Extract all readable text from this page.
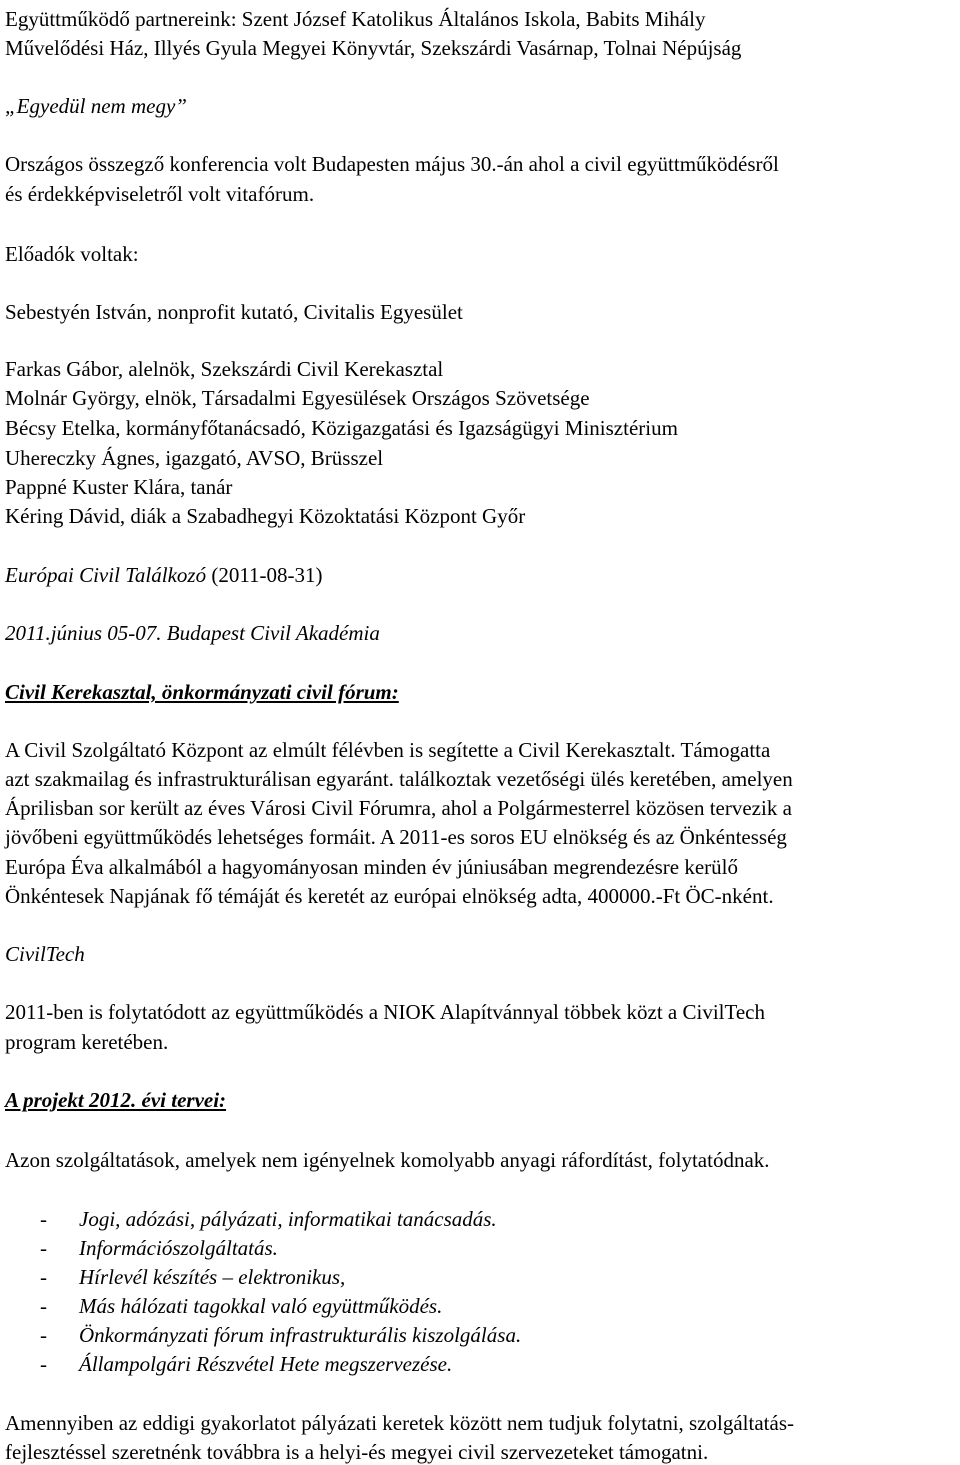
Együttműködő partnereink: Szent József Katolikus Általános Iskola, Babits Mihály
Művelődési Ház, Illyés Gyula Megyei Könyvtár, Szekszárdi Vasárnap, Tolnai Népújság
„Egyedül nem megy”
Országos összegző konferencia volt Budapesten május 30.-án ahol a civil együttműködésről
és érdekképviseletről volt vitafórum.
Előadók voltak:
Sebestyén István, nonprofit kutató, Civitalis Egyesület
Farkas Gábor, alelnök, Szekszárdi Civil Kerekasztal
Molnár György, elnök, Társadalmi Egyesülések Országos Szövetsége
Bécsy Etelka, kormányfőtanácsadó, Közigazgatási és Igazságügyi Minisztérium
Uhereczky Ágnes, igazgató, AVSO, Brüsszel
Pappné Kuster Klára, tanár
Kéring Dávid, diák a Szabadhegyi Közoktatási Központ Győr
Európai Civil Találkozó (2011-08-31)
2011.június 05-07. Budapest Civil Akadémia
Civil Kerekasztal, önkormányzati civil fórum:
A Civil Szolgáltató Központ az elmúlt félévben is segítette a Civil Kerekasztalt. Támogatta
azt szakmailag és infrastrukturálisan egyaránt. találkoztak vezetőségi ülés keretében, amelyen
Áprilisban sor került az éves Városi Civil Fórumra, ahol a Polgármesterrel közösen tervezik a
jövőbeni együttműködés lehetséges formáit. A 2011-es soros EU elnökség és az Önkéntesség
Európa Éva alkalmából a hagyományosan minden év júniusában megrendezésre kerülő
Önkéntesek Napjának fő témáját és keretét az európai elnökség adta, 400000.-Ft ÖC-nként.
CivilTech
2011-ben is folytatódott az együttműködés a NIOK Alapítvánnyal többek közt a CivilTech
program keretében.
A projekt 2012. évi tervei:
Azon szolgáltatások, amelyek nem igényelnek komolyabb anyagi ráfordítást, folytatódnak.
- Jogi, adózási, pályázati, informatikai tanácsadás.
- Információszolgáltatás.
- Hírlevél készítés – elektronikus,
- Más hálózati tagokkal való együttműködés.
- Önkormányzati fórum infrastrukturális kiszolgálása.
- Állampolgári Részvétel Hete megszervezése.
Amennyiben az eddigi gyakorlatot pályázati keretek között nem tudjuk folytatni, szolgáltatás-
fejlesztéssel szeretnénk továbbra is a helyi-és megyei civil szervezeteket támogatni.
